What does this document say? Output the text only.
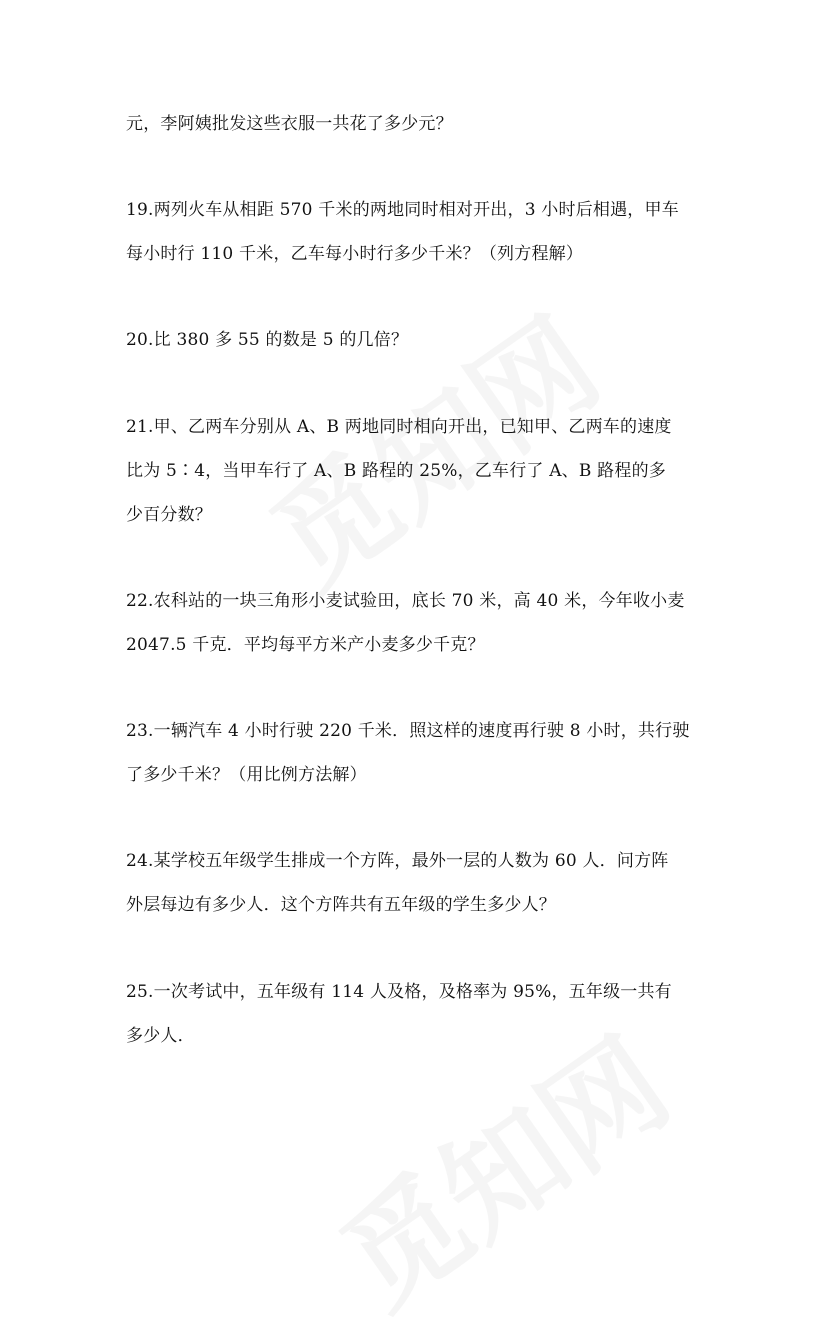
元，李阿姨批发这些衣服一共花了多少元？
19.两列火车从相距 570 千米的两地同时相对开出，3 小时后相遇，甲车
每小时行 110 千米，乙车每小时行多少千米？（列方程解）
20.比 380 多 55 的数是 5 的几倍？
21.甲、乙两车分别从 A、B 两地同时相向开出，已知甲、乙两车的速度
比为 5∶4，当甲车行了 A、B 路程的 25%，乙车行了 A、B 路程的多
少百分数？
22.农科站的一块三角形小麦试验田，底长 70 米，高 40 米，今年收小麦
2047.5 千克．平均每平方米产小麦多少千克？
23.一辆汽车 4 小时行驶 220 千米．照这样的速度再行驶 8 小时，共行驶
了多少千米？（用比例方法解）
24.某学校五年级学生排成一个方阵，最外一层的人数为 60 人．问方阵
外层每边有多少人．这个方阵共有五年级的学生多少人？
25.一次考试中，五年级有 114 人及格，及格率为 95%，五年级一共有
多少人．
